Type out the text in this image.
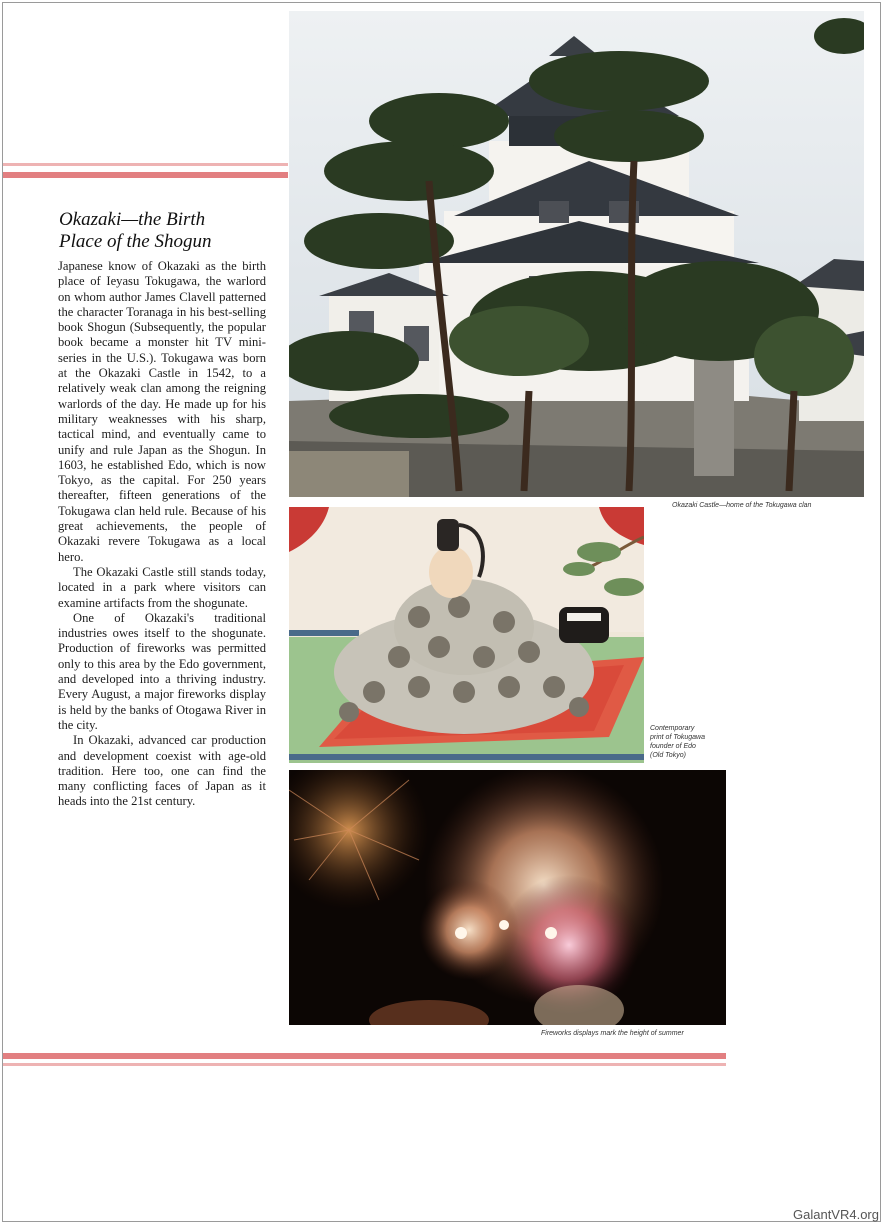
Okazaki—the Birth
Place of the Shogun

Japanese know of Okazaki as the birth place of Ieyasu Tokugawa, the warlord on whom author James Clavell patterned the character Toranaga in his best-selling book Shogun (Subsequently, the popular book became a monster hit TV mini-series in the U.S.). Tokugawa was born at the Okazaki Castle in 1542, to a relatively weak clan among the reigning warlords of the day. He made up for his military weaknesses with his sharp, tactical mind, and eventually came to unify and rule Japan as the Shogun. In 1603, he established Edo, which is now Tokyo, as the capital. For 250 years thereafter, fifteen generations of the Tokugawa clan held rule. Because of his great achievements, the people of Okazaki revere Tokugawa as a local hero.

The Okazaki Castle still stands today, located in a park where visitors can examine artifacts from the shogunate.

One of Okazaki's traditional industries owes itself to the shogunate. Production of fireworks was permitted only to this area by the Edo government, and developed into a thriving industry. Every August, a major fireworks display is held by the banks of Otogawa River in the city.

In Okazaki, advanced car production and development coexist with age-old tradition. Here too, one can find the many conflicting faces of Japan as it heads into the 21st century.

Okazaki Castle—home of the Tokugawa clan

Contemporary

print of Tokugawa

founder of Edo

(Old Tokyo)

Fireworks displays mark the height of summer

GalantVR4.org
